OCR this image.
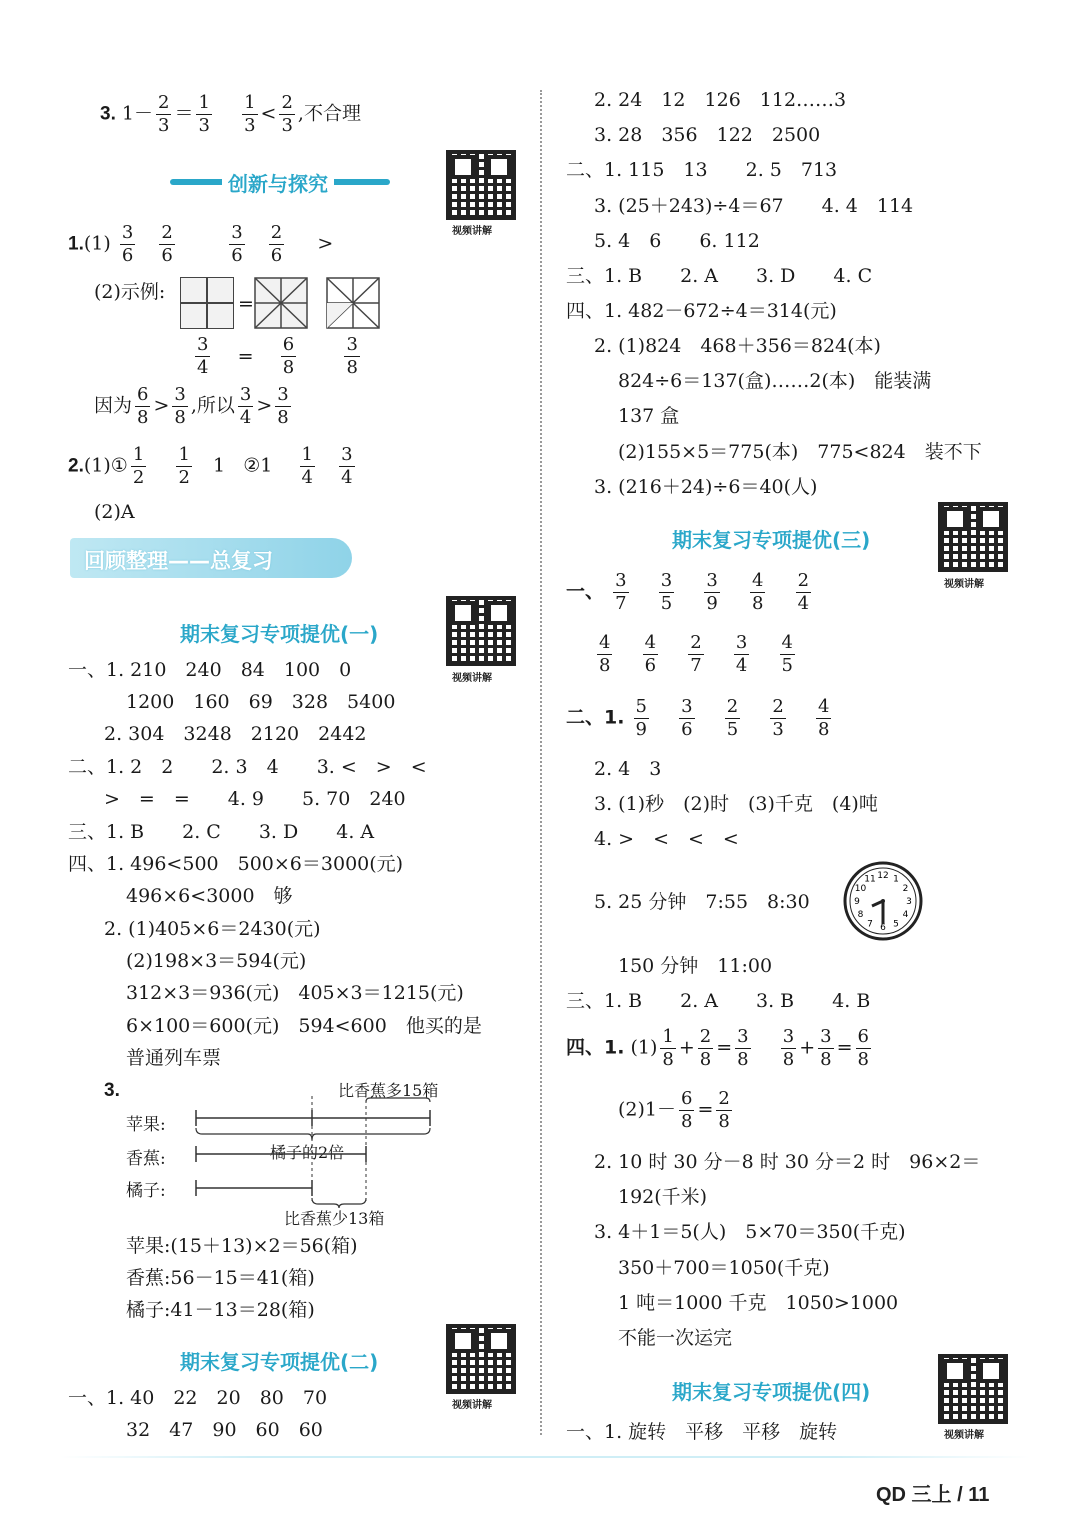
3. $1- \frac{2}{3} = \frac{1}{3}$
$\frac{1}{3} < \frac{2}{3}$ ,不合理
创新与探究
视频讲解
$1.(1) \frac{3}{6}$
$\frac{2}{6}$
	$\frac{3}{6}$
$\frac{2}{6}$ >
(2)示例:
=
$\frac{3}{4} = \frac{6}{8}$
	$\frac{3}{8}$
因为 $\frac{6}{8} > \frac{3}{8}$ ,所以 $\frac{3}{4} > \frac{3}{8}$
2.(1)① $\frac{1}{2}$
$\frac{1}{2} 1$ ②1 $\frac{1}{4}$
$\frac{3}{4}$
(2)A
回顾整理——总复习
期末复习专项提优(一)
视频讲解
一、1. 210　240　84　100　0
1200　160　69　328　5400
2. 304　3248　2120　2442
二、1. 2　2　　2. 3　4　　3. <　>　<
>　=　=　　4. 9　　5. 70　240
三、1. B　　2. C　　3. D　　4. A
四、1. 496<500　500×6＝3000(元)
496×6<3000　够
2. (1)405×6＝2430(元)
(2)198×3＝594(元)
312×3＝936(元)　405×3＝1215(元)
6×100＝600(元)　594<600　他买的是
普通列车票
3.	比香蕉多15箱
苹果:
香蕉:
橘子:
橘子的2倍
比香蕉少13箱
苹果:(15＋13)×2＝56(箱)
香蕉:56－15＝41(箱)
橘子:41－13＝28(箱)
期末复习专项提优(二)
视频讲解
一、1. 40　22　20　80　70
32　47　90　60　60
2. 24　12　126　112……3
3. 28　356　122　2500
二、1. 115　13　　2. 5　713
3. (25＋243)÷4＝67　　4. 4　114
5. 4　6　　6. 112
三、1. B　　2. A　　3. D　　4. C
四、1. 482－672÷4＝314(元)
2. (1)824　468＋356＝824(本)
824÷6＝137(盒)……2(本)　能装满
137 盒
(2)155×5＝775(本)　775<824　装不下
3. (216＋24)÷6＝40(人)
期末复习专项提优(三)
视频讲解
一、 $\frac{3}{7}$
$\frac{3}{5}$
$\frac{3}{9}$
$\frac{4}{8}$
$\frac{2}{4}$
$\frac{4}{8}$
$\frac{4}{6}$
$\frac{2}{7}$
$\frac{3}{4}$
$\frac{4}{5}$
二、1. $\frac{5}{9}$
$\frac{3}{6}$
$\frac{2}{5}$
$\frac{2}{3}$
$\frac{4}{8}$
2. 4　3
3. (1)秒　(2)时　(3)千克　(4)吨
4. >　<　<　<
5. 25 分钟　7:55　8:30
12 1
2
3
4
5
6
7
8
9
10
11
150 分钟　11:00
三、1. B　　2. A　　3. B　　4. B
四、1. $(1) \frac{1}{8} + \frac{2}{8} = \frac{3}{8}$
$\frac{3}{8} + \frac{3}{8} = \frac{6}{8}$
$(2)1- \frac{6}{8} = \frac{2}{8}$
2. 10 时 30 分－8 时 30 分＝2 时　96×2＝
192(千米)
3. 4＋1＝5(人)　5×70＝350(千克)
350＋700＝1050(千克)
1 吨＝1000 千克　1050>1000
不能一次运完
期末复习专项提优(四)
视频讲解
一、1. 旋转　平移　平移　旋转
QD 三上 / 11
